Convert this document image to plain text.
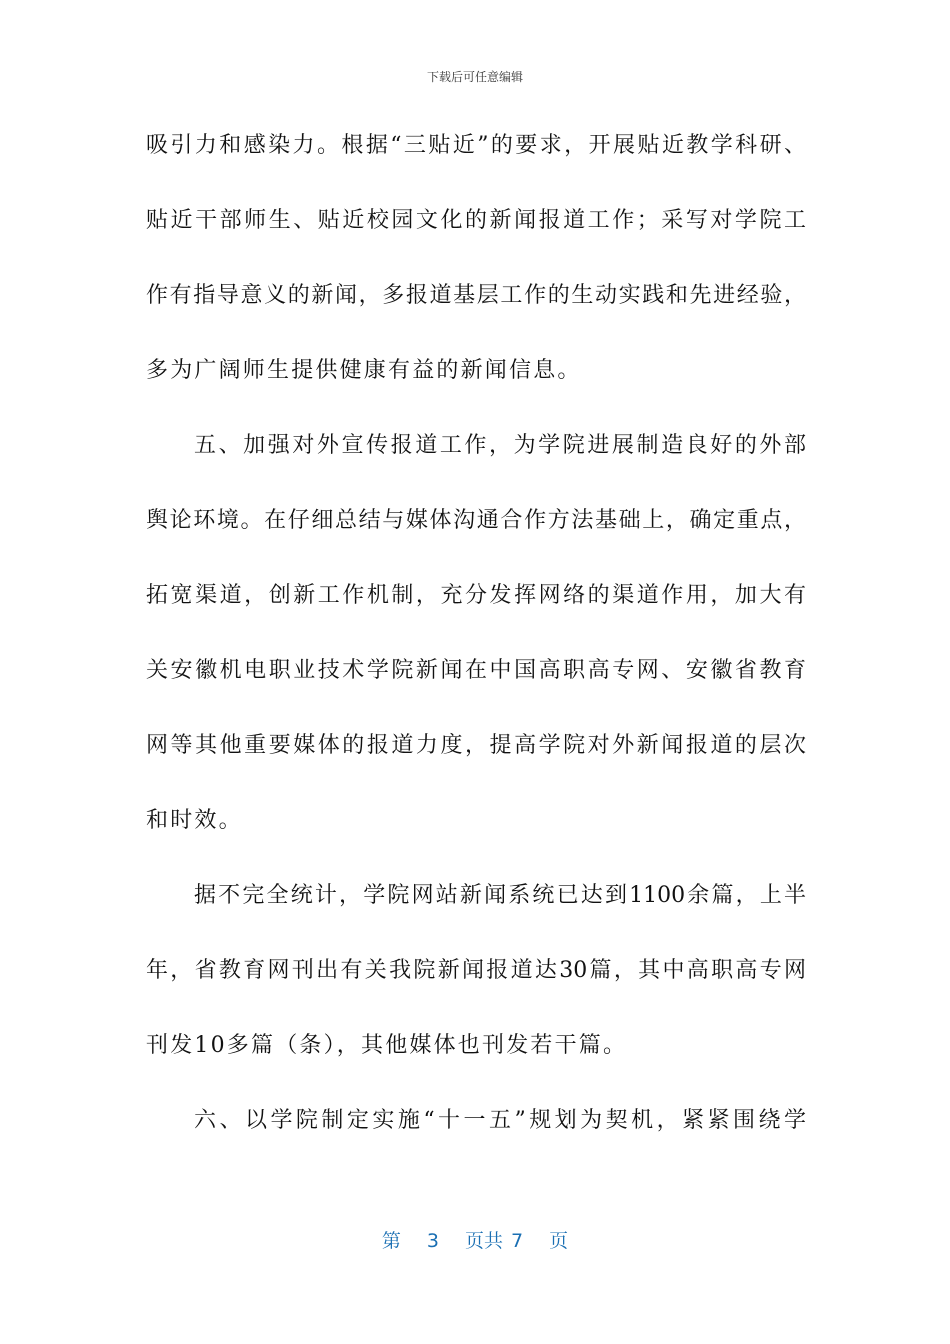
下载后可任意编辑
吸引力和感染力。根据“三贴近”的要求，开展贴近教学科研、
贴近干部师生、贴近校园文化的新闻报道工作；采写对学院工
作有指导意义的新闻，多报道基层工作的生动实践和先进经验，
多为广阔师生提供健康有益的新闻信息。
五、加强对外宣传报道工作，为学院进展制造良好的外部
舆论环境。在仔细总结与媒体沟通合作方法基础上，确定重点，
拓宽渠道，创新工作机制，充分发挥网络的渠道作用，加大有
关安徽机电职业技术学院新闻在中国高职高专网、安徽省教育
网等其他重要媒体的报道力度，提高学院对外新闻报道的层次
和时效。
据不完全统计，学院网站新闻系统已达到1100余篇，上半
年，省教育网刊出有关我院新闻报道达30篇，其中高职高专网
刊发10多篇（条），其他媒体也刊发若干篇。
六、以学院制定实施“十一五”规划为契机，紧紧围绕学
第 3 页共 7 页
